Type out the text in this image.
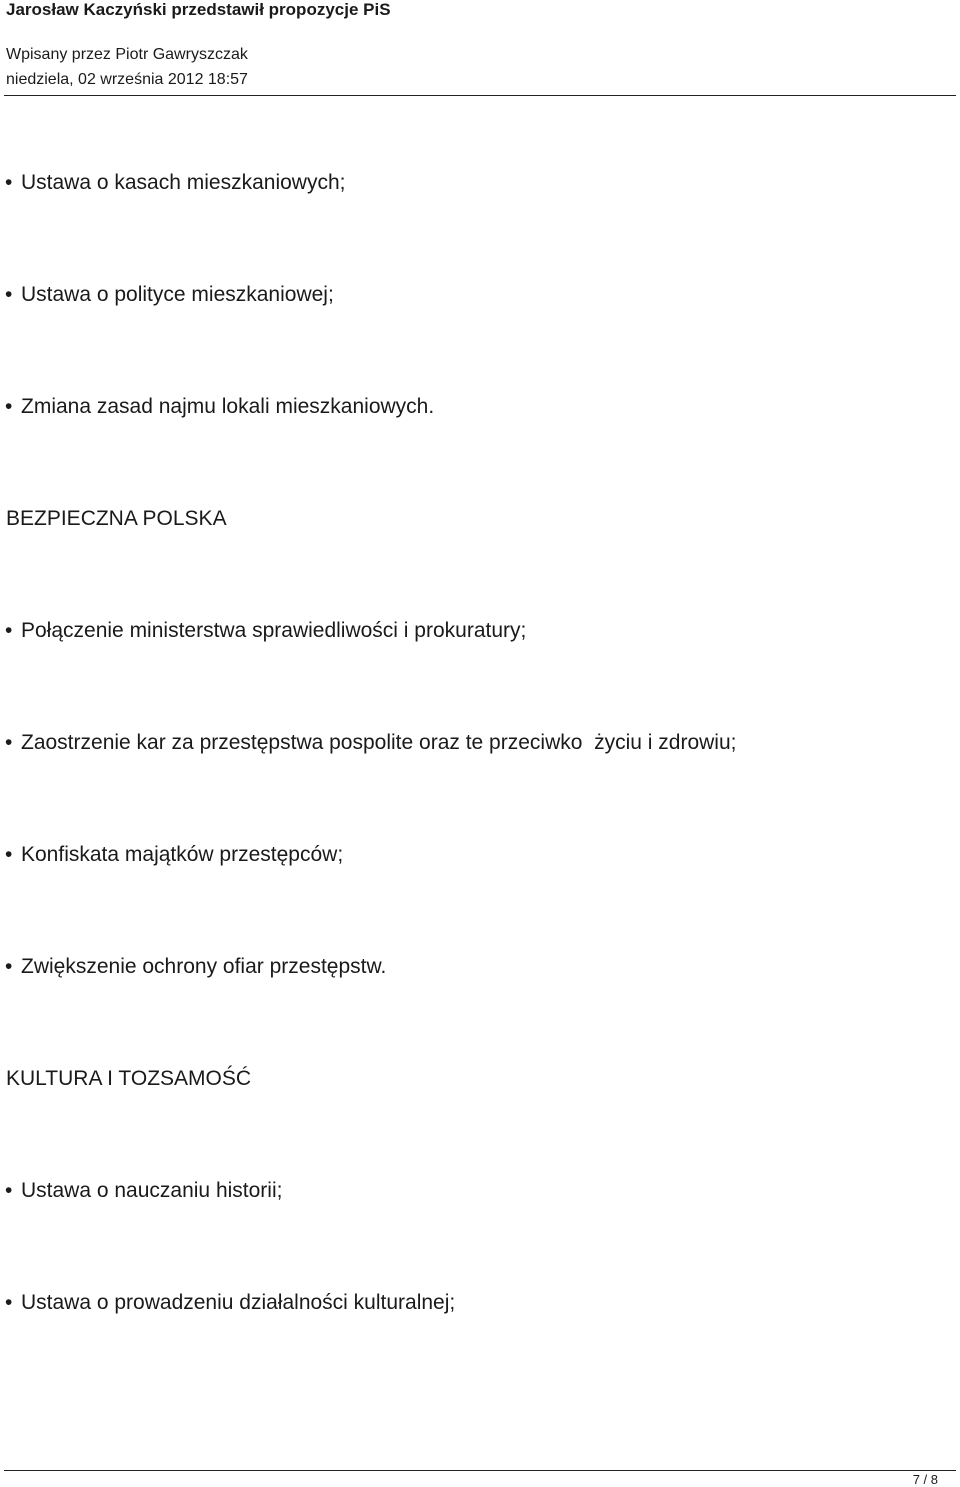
Jarosław Kaczyński przedstawił propozycje PiS
Wpisany przez Piotr Gawryszczak
niedziela, 02 września 2012 18:57
• Ustawa o kasach mieszkaniowych;
• Ustawa o polityce mieszkaniowej;
• Zmiana zasad najmu lokali mieszkaniowych.
BEZPIECZNA POLSKA
• Połączenie ministerstwa sprawiedliwości i prokuratury;
• Zaostrzenie kar za przestępstwa pospolite oraz te przeciwko  życiu i zdrowiu;
• Konfiskata majątków przestępców;
• Zwiększenie ochrony ofiar przestępstw.
KULTURA I TOZSAMOŚĆ
• Ustawa o nauczaniu historii;
• Ustawa o prowadzeniu działalności kulturalnej;
7 / 8
